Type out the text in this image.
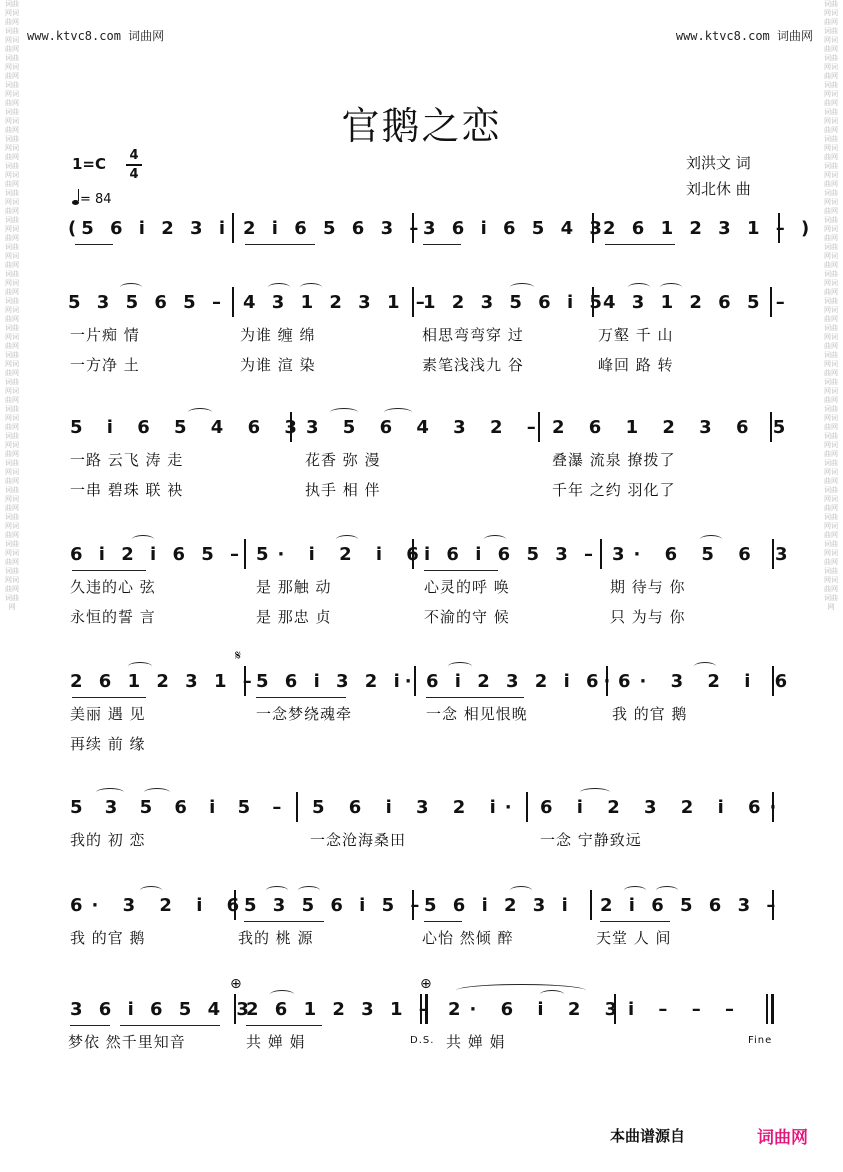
词曲网词曲网词曲网词曲网词曲网词曲网词曲网词曲网词曲网词曲网词曲网词曲网词曲网词曲网词曲网词曲网词曲网词曲网词曲网词曲网词曲网词曲网词曲网词曲网词曲网词曲网词曲网词曲网词曲网词曲网词曲网词曲网词曲网词曲网词曲网词曲网词曲网词曲网词曲网词曲网词曲网词曲网词曲网词曲网词曲网
词曲网词曲网词曲网词曲网词曲网词曲网词曲网词曲网词曲网词曲网词曲网词曲网词曲网词曲网词曲网词曲网词曲网词曲网词曲网词曲网词曲网词曲网词曲网词曲网词曲网词曲网词曲网词曲网词曲网词曲网词曲网词曲网词曲网词曲网词曲网词曲网词曲网词曲网词曲网词曲网词曲网词曲网词曲网词曲网词曲网
www.ktvc8.com 词曲网	www.ktvc8.com 词曲网
官鹅之恋
1=C 4
4
= 84
刘洪文 词
刘北休 曲
(5 6 i 2 3 i 2 i 6 5 6 3 – 3 6 i 6 5 4 3
2 6 1 2 3 1 – )
5 3 5 6 5 – 4 3 1 2 3 1 –
1 2 3 5 6 i 5
4 3 1 2 6 5 –
一片痴 情	为谁 缠 绵	相思弯弯穿 过	万壑 千 山
一方净 土	为谁 渲 染	素笔浅浅九 谷	峰回 路 转
5 i 6 5 4 6 3 3 5 6 4 3 2 – 2 6 1 2 3 6 5
一路 云飞 涛 走	花香 弥 漫	叠瀑 流泉 撩拨了
一串 碧珠 联 袂	执手 相 伴	千年 之约 羽化了
6 i 2 i 6 5 – 5· i 2 i 6
i 6 i 6 5 3 – 3· 6 5 6 3
久违的心 弦	是 那触 动	心灵的呼 唤	期 待与 你
永恒的誓 言	是 那忠 贞	不渝的守 候	只 为与 你
𝄋
2 6 1 2 3 1 – 5 6 i 3 2 i· 6 i 2 3 2 i 6· 6· 3 2 i 6
美丽 遇 见	一念梦绕魂牵	一念 相见恨晚	我 的官 鹅
再续 前 缘
5 3 5 6 i 5 – 5 6 i 3 2 i· 6 i 2 3 2 i 6·
我的 初 恋	一念沧海桑田	一念 宁静致远
6· 3 2 i 6
5 3 5 6 i 5 – 5 6 i 2 3 i 2 i 6 5 6 3 –
我 的官 鹅	我的 桃 源	心怡 然倾 醉	天堂 人 间
⊕	⊕
3 6 i 6 5 4 3
2 6 1 2 3 1 – 2· 6 i 2 3 i – – –
梦依 然千里知音	共 婵 娟	D.S. 共 婵 娟	Fine
本曲谱源自	词曲网
